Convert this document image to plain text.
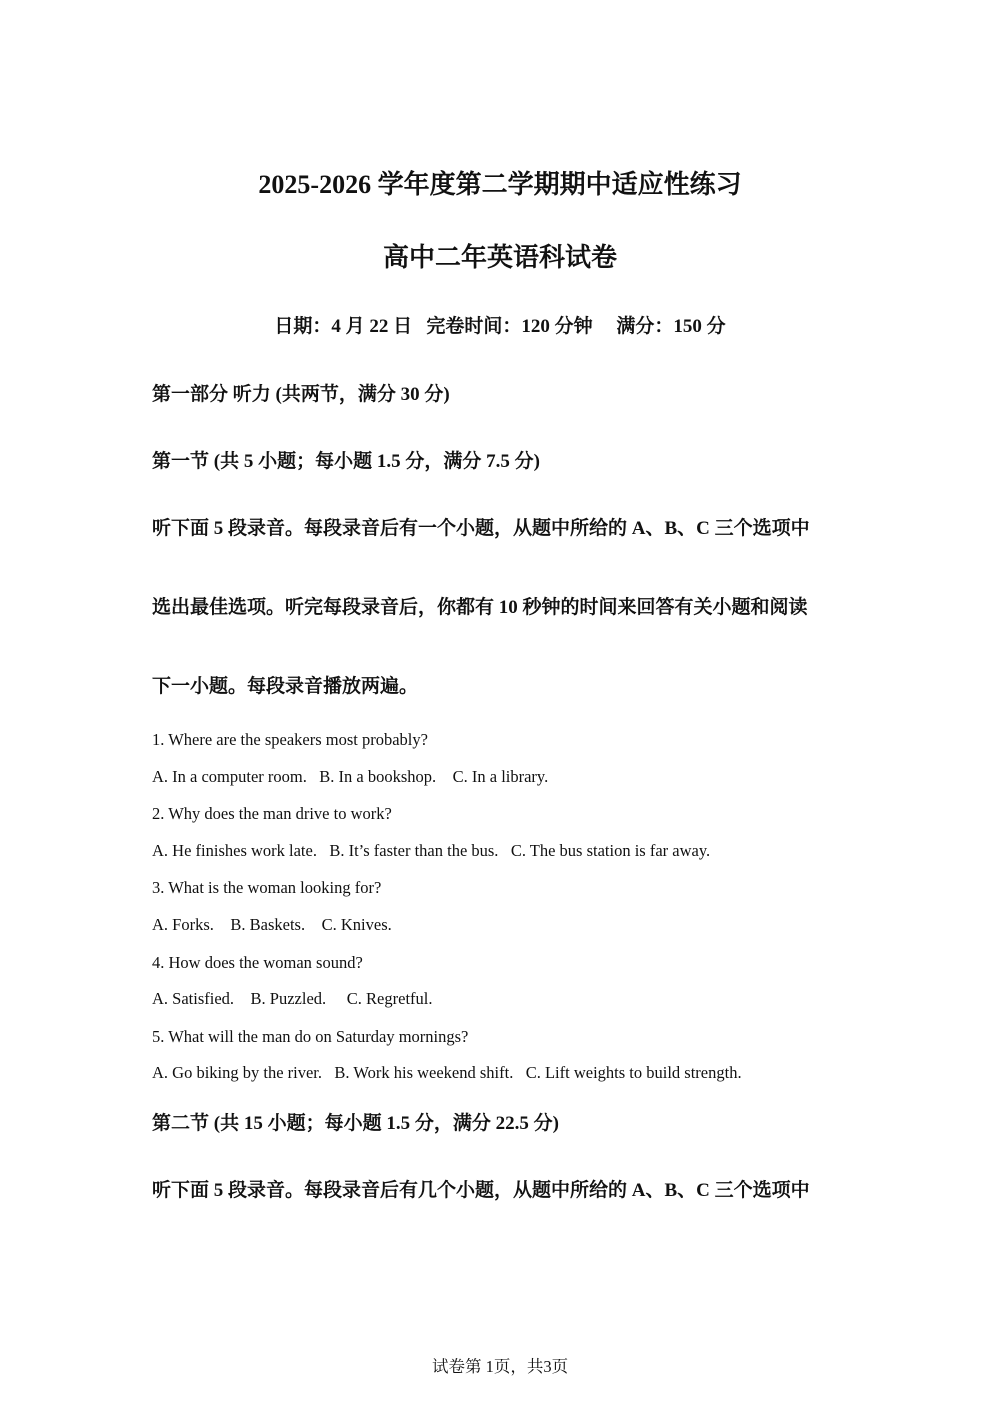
2025-2026 学年度第二学期期中适应性练习
高中二年英语科试卷
日期：4 月 22 日 完卷时间：120 分钟 满分：150 分
第一部分 听力 (共两节，满分 30 分)
第一节 (共 5 小题；每小题 1.5 分，满分 7.5 分)
听下面 5 段录音。每段录音后有一个小题，从题中所给的 A、B、C 三个选项中
选出最佳选项。听完每段录音后，你都有 10 秒钟的时间来回答有关小题和阅读
下一小题。每段录音播放两遍。
1. Where are the speakers most probably?
A. In a computer room. B. In a bookshop. C. In a library.
2. Why does the man drive to work?
A. He finishes work late. B. It’s faster than the bus. C. The bus station is far away.
3. What is the woman looking for?
A. Forks. B. Baskets. C. Knives.
4. How does the woman sound?
A. Satisfied. B. Puzzled. C. Regretful.
5. What will the man do on Saturday mornings?
A. Go biking by the river. B. Work his weekend shift. C. Lift weights to build strength.
第二节 (共 15 小题；每小题 1.5 分，满分 22.5 分)
听下面 5 段录音。每段录音后有几个小题，从题中所给的 A、B、C 三个选项中
试卷第 1页，共3页
